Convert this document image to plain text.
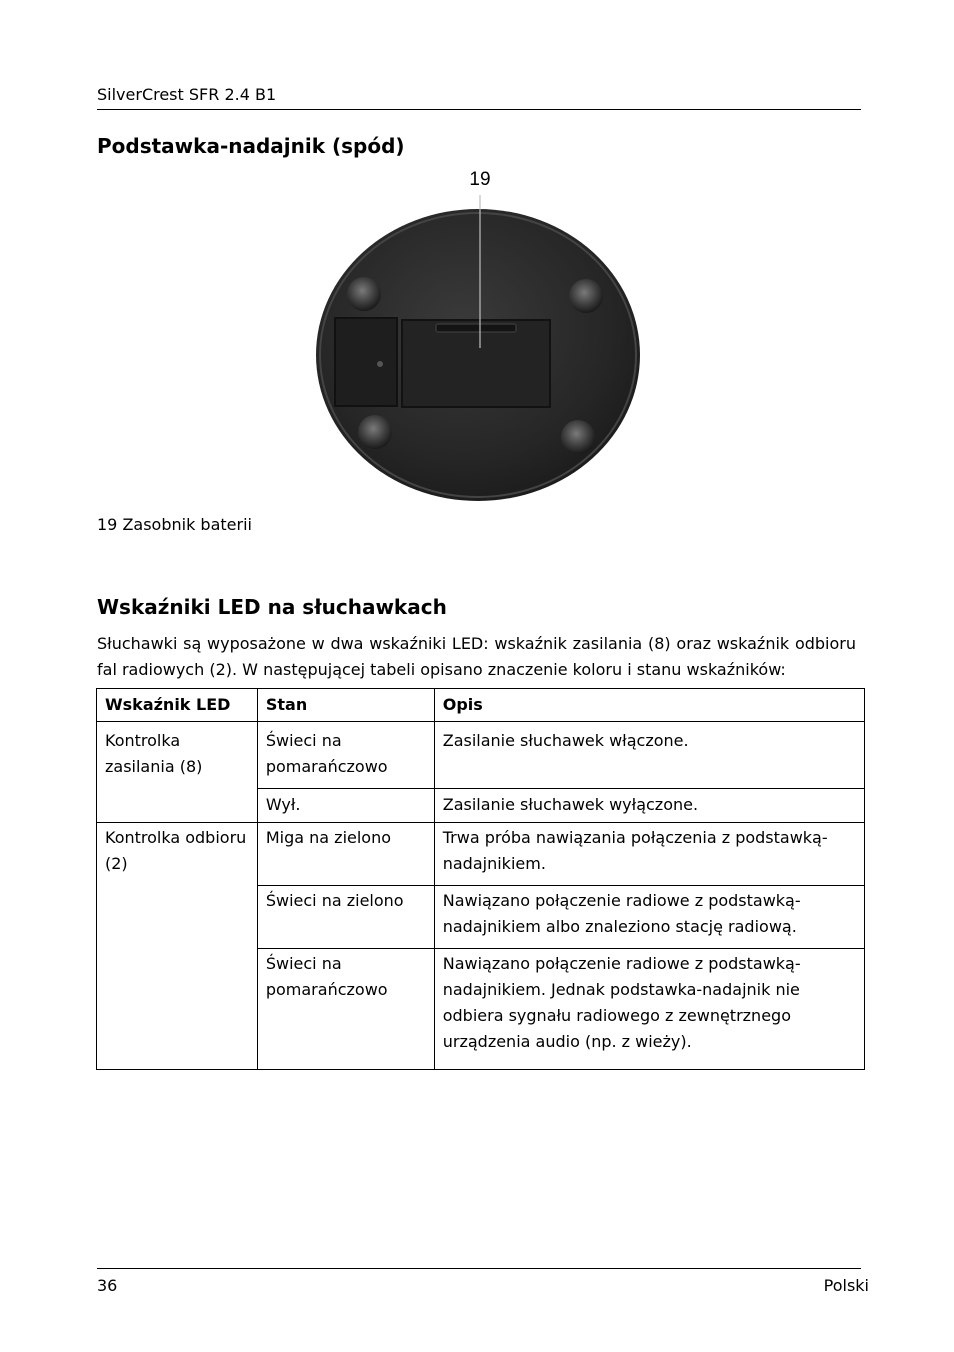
SilverCrest SFR 2.4 B1
Podstawka-nadajnik (spód)
19
19 Zasobnik baterii
Wskaźniki LED na słuchawkach
Słuchawki są wyposażone w dwa wskaźniki LED: wskaźnik zasilania (8) oraz wskaźnik odbioru fal radiowych (2). W następującej tabeli opisano znaczenie koloru i stanu wskaźników:
Wskaźnik LED	Stan	Opis
Kontrolka zasilania (8)	Świeci na pomarańczowo	Zasilanie słuchawek włączone.
	Wył.	Zasilanie słuchawek wyłączone.
Kontrolka odbioru (2)	Miga na zielono	Trwa próba nawiązania połączenia z podstawką-nadajnikiem.
	Świeci na zielono	Nawiązano połączenie radiowe z podstawką-nadajnikiem albo znaleziono stację radiową.
	Świeci na pomarańczowo	Nawiązano połączenie radiowe z podstawką-nadajnikiem. Jednak podstawka-nadajnik nie odbiera sygnału radiowego z zewnętrznego urządzenia audio (np. z wieży).
36	Polski
